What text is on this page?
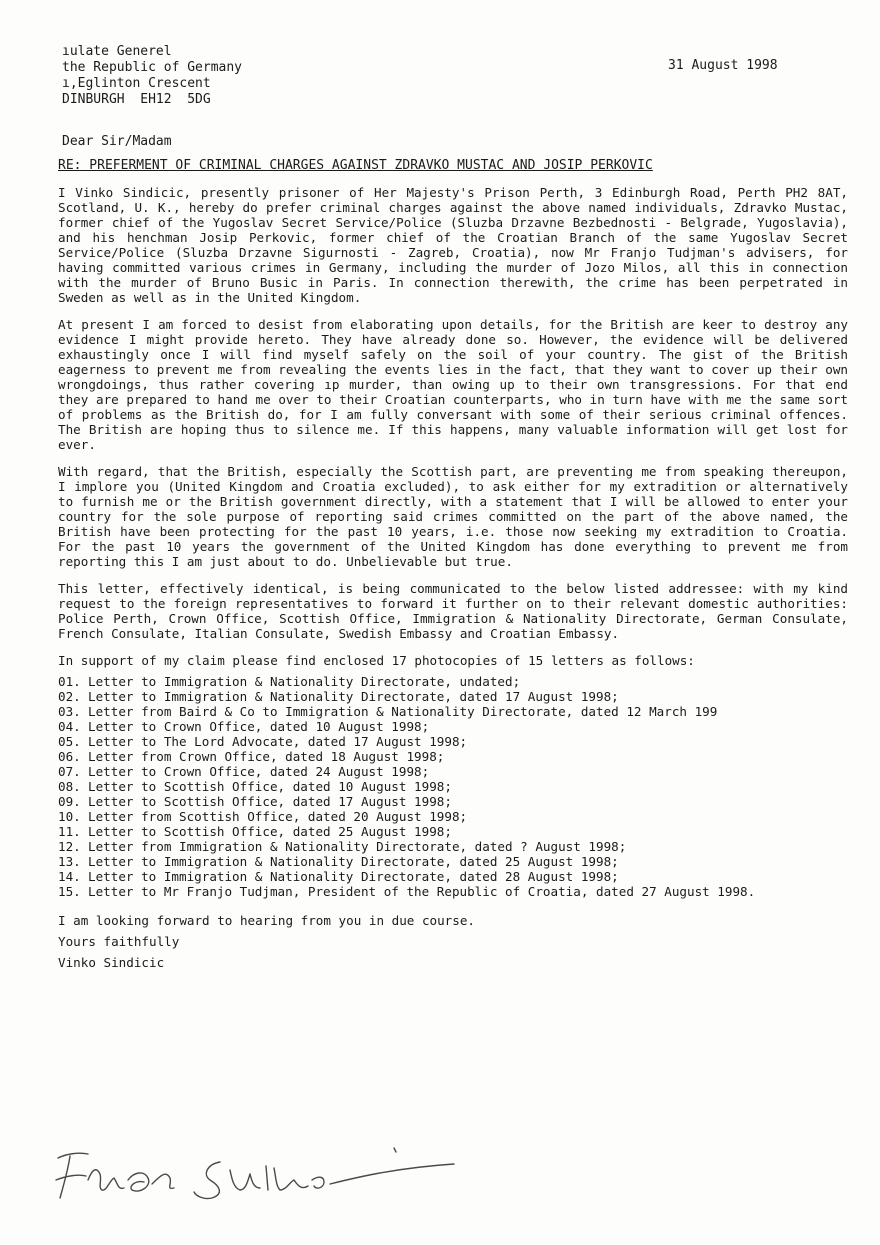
ıulate Generel
the Republic of Germany
ı,Eglinton Crescent
DINBURGH  EH12  5DG
31 August 1998
Dear Sir/Madam
RE: PREFERMENT OF CRIMINAL CHARGES AGAINST ZDRAVKO MUSTAC AND JOSIP PERKOVIC

I Vinko Sindicic, presently prisoner of Her Majesty's Prison Perth, 3 Edinburgh Road, Perth PH2 8AT, Scotland, U. K., hereby do prefer criminal charges against the above named individuals, Zdravko Mustac, former chief of the Yugoslav Secret Service/Police (Sluzba Drzavne Bezbednosti - Belgrade, Yugoslavia), and his henchman Josip Perkovic, former chief of the Croatian Branch of the same Yugoslav Secret Service/Police (Sluzba Drzavne Sigurnosti - Zagreb, Croatia), now Mr Franjo Tudjman's advisers, for having committed various crimes in Germany, including the murder of Jozo Milos, all this in connection with the murder of Bruno Busic in Paris. In connection therewith, the crime has been perpetrated in Sweden as well as in the United Kingdom.

At present I am forced to desist from elaborating upon details, for the British are keer to destroy any evidence I might provide hereto. They have already done so. However, the evidence will be delivered exhaustingly once I will find myself safely on the soil of your country. The gist of the British eagerness to prevent me from revealing the events lies in the fact, that they want to cover up their own wrongdoings, thus rather covering ıp murder, than owing up to their own transgressions. For that end they are prepared to hand me over to their Croatian counterparts, who in turn have with me the same sort of problems as the British do, for I am fully conversant with some of their serious criminal offences. The British are hoping thus to silence me. If this happens, many valuable information will get lost for ever.

With regard, that the British, especially the Scottish part, are preventing me from speaking thereupon, I implore you (United Kingdom and Croatia excluded), to ask either for my extradition or alternatively to furnish me or the British government directly, with a statement that I will be allowed to enter your country for the sole purpose of reporting said crimes committed on the part of the above named, the British have been protecting for the past 10 years, i.e. those now seeking my extradition to Croatia. For the past 10 years the government of the United Kingdom has done everything to prevent me from reporting this I am just about to do. Unbelievable but true.

This letter, effectively identical, is being communicated to the below listed addressee: with my kind request to the foreign representatives to forward it further on to their relevant domestic authorities: Police Perth, Crown Office, Scottish Office, Immigration & Nationality Directorate, German Consulate, French Consulate, Italian Consulate, Swedish Embassy and Croatian Embassy.

In support of my claim please find enclosed 17 photocopies of 15 letters as follows:

01. Letter to Immigration & Nationality Directorate, undated;
02. Letter to Immigration & Nationality Directorate, dated 17 August 1998;
03. Letter from Baird & Co to Immigration & Nationality Directorate, dated 12 March 199
04. Letter to Crown Office, dated 10 August 1998;
05. Letter to The Lord Advocate, dated 17 August 1998;
06. Letter from Crown Office, dated 18 August 1998;
07. Letter to Crown Office, dated 24 August 1998;
08. Letter to Scottish Office, dated 10 August 1998;
09. Letter to Scottish Office, dated 17 August 1998;
10. Letter from Scottish Office, dated 20 August 1998;
11. Letter to Scottish Office, dated 25 August 1998;
12. Letter from Immigration & Nationality Directorate, dated ? August 1998;
13. Letter to Immigration & Nationality Directorate, dated 25 August 1998;
14. Letter to Immigration & Nationality Directorate, dated 28 August 1998;
15. Letter to Mr Franjo Tudjman, President of the Republic of Croatia, dated 27 August 1998.

I am looking forward to hearing from you in due course.

Yours faithfully

Vinko Sindicic
